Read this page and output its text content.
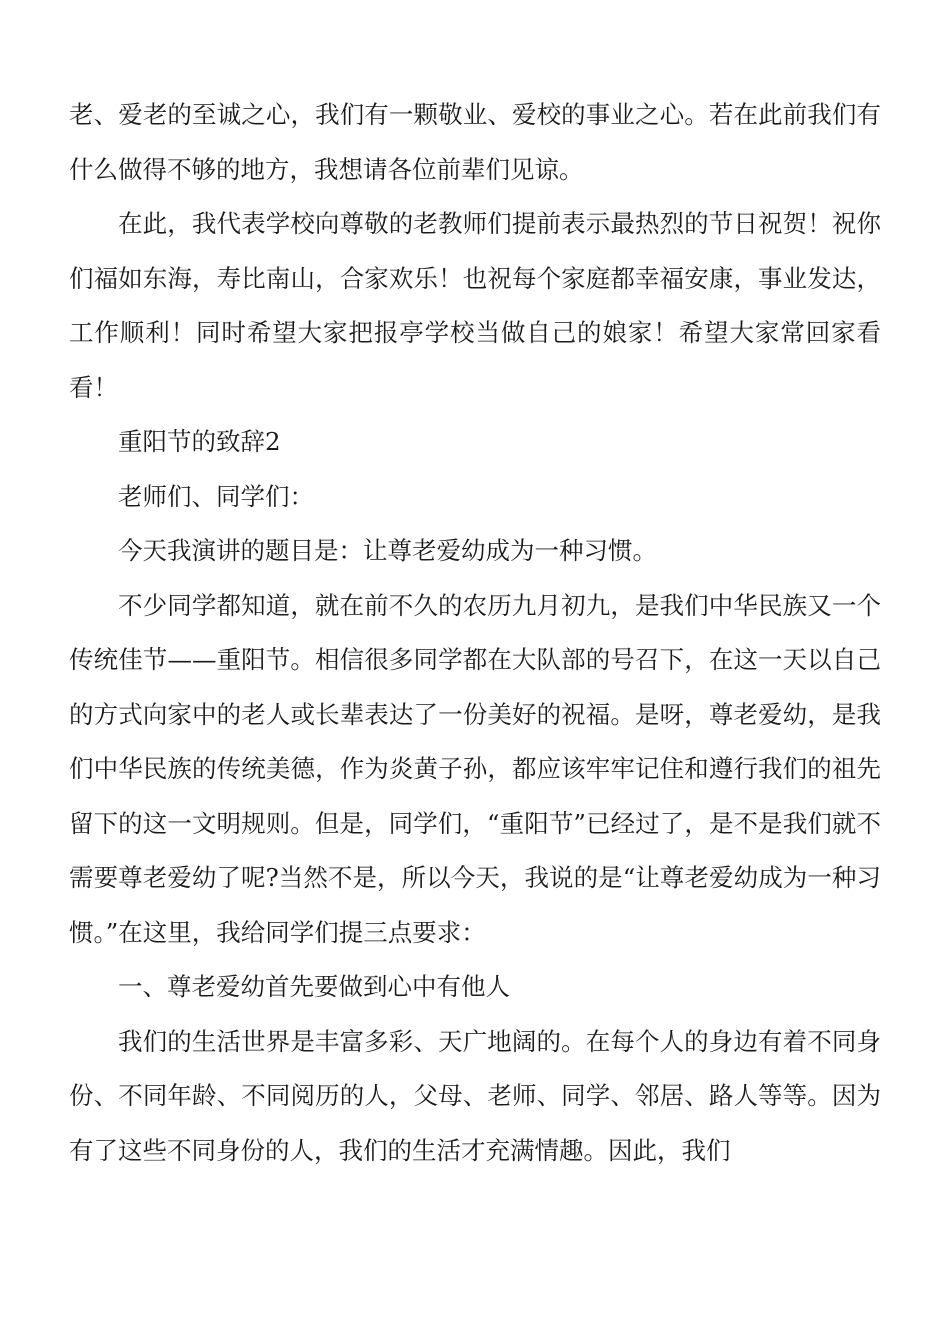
老、爱老的至诚之心，我们有一颗敬业、爱校的事业之心。若在此前我们有什么做得不够的地方，我想请各位前辈们见谅。

在此，我代表学校向尊敬的老教师们提前表示最热烈的节日祝贺！祝你们福如东海，寿比南山，合家欢乐！也祝每个家庭都幸福安康，事业发达，工作顺利！同时希望大家把报亭学校当做自己的娘家！希望大家常回家看看！

重阳节的致辞2

老师们、同学们：

今天我演讲的题目是：让尊老爱幼成为一种习惯。

不少同学都知道，就在前不久的农历九月初九，是我们中华民族又一个传统佳节——重阳节。相信很多同学都在大队部的号召下，在这一天以自己的方式向家中的老人或长辈表达了一份美好的祝福。是呀，尊老爱幼，是我们中华民族的传统美德，作为炎黄子孙，都应该牢牢记住和遵行我们的祖先留下的这一文明规则。但是，同学们，“重阳节”已经过了，是不是我们就不需要尊老爱幼了呢?当然不是，所以今天，我说的是“让尊老爱幼成为一种习惯。”在这里，我给同学们提三点要求：

一、尊老爱幼首先要做到心中有他人

我们的生活世界是丰富多彩、天广地阔的。在每个人的身边有着不同身份、不同年龄、不同阅历的人，父母、老师、同学、邻居、路人等等。因为有了这些不同身份的人，我们的生活才充满情趣。因此，我们
